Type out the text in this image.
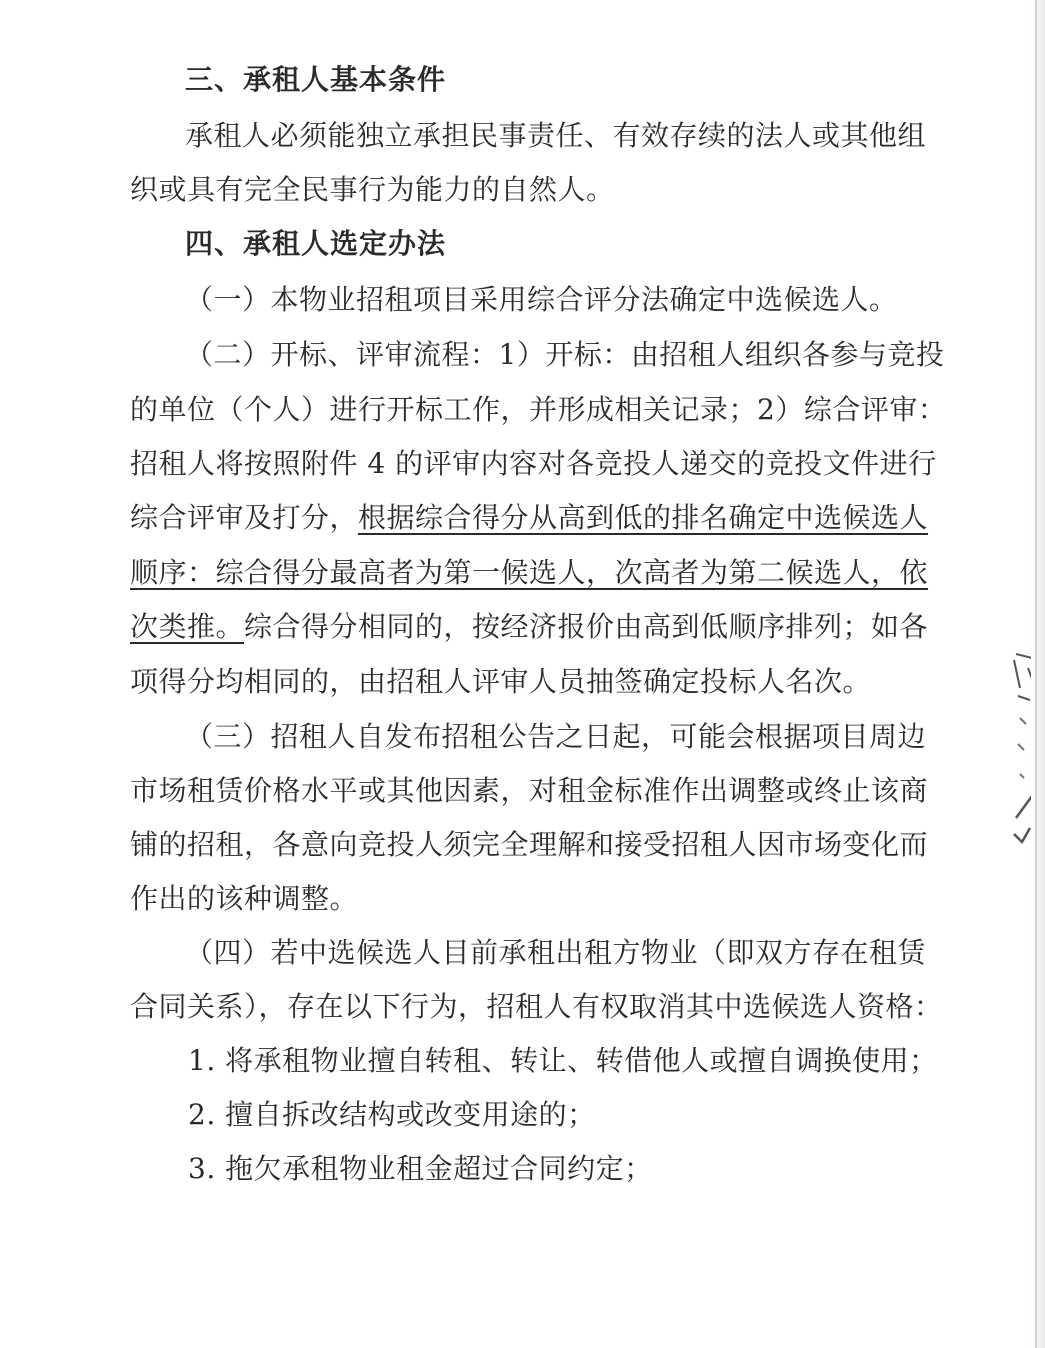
三、承租人基本条件
承租人必须能独立承担民事责任、有效存续的法人或其他组
织或具有完全民事行为能力的自然人。
四、承租人选定办法
（一）本物业招租项目采用综合评分法确定中选候选人。
（二）开标、评审流程：1）开标：由招租人组织各参与竞投
的单位（个人）进行开标工作，并形成相关记录；2）综合评审：
招租人将按照附件 4 的评审内容对各竞投人递交的竞投文件进行
综合评审及打分，根据综合得分从高到低的排名确定中选候选人
顺序：综合得分最高者为第一候选人，次高者为第二候选人，依
次类推。综合得分相同的，按经济报价由高到低顺序排列；如各
项得分均相同的，由招租人评审人员抽签确定投标人名次。
（三）招租人自发布招租公告之日起，可能会根据项目周边
市场租赁价格水平或其他因素，对租金标准作出调整或终止该商
铺的招租，各意向竞投人须完全理解和接受招租人因市场变化而
作出的该种调整。
（四）若中选候选人目前承租出租方物业（即双方存在租赁
合同关系），存在以下行为，招租人有权取消其中选候选人资格：
1. 将承租物业擅自转租、转让、转借他人或擅自调换使用；
2. 擅自拆改结构或改变用途的；
3. 拖欠承租物业租金超过合同约定；
